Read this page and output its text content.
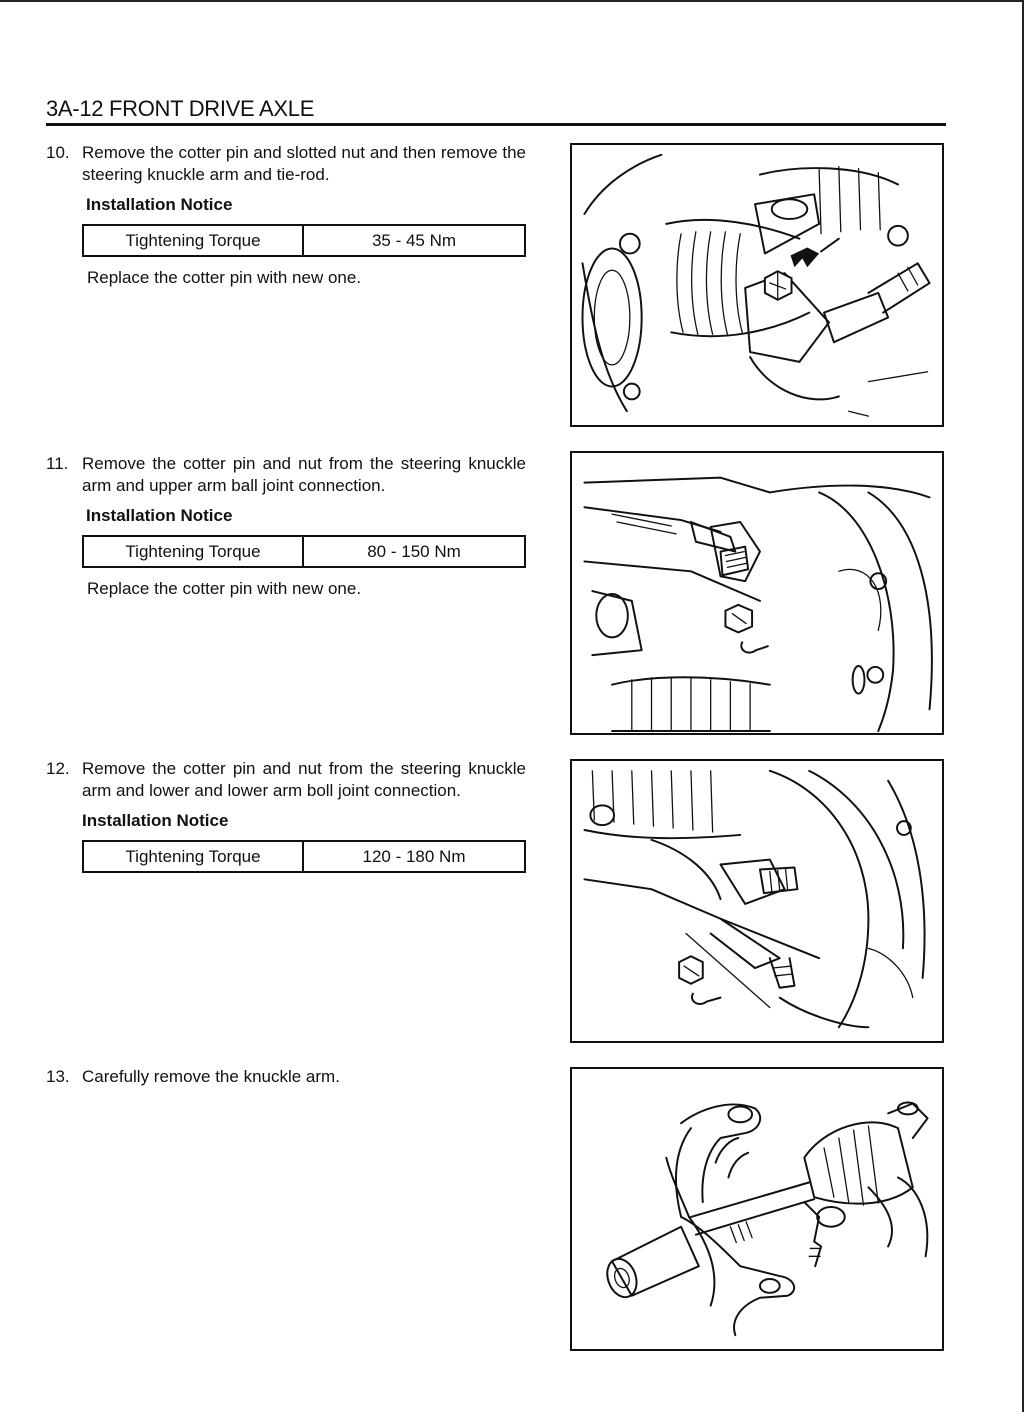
3A-12 FRONT DRIVE AXLE
10. Remove the cotter pin and slotted nut and then remove the steering knuckle arm and tie-rod.
Installation Notice
Tightening Torque	35 - 45 Nm
Replace the cotter pin with new one.
11. Remove the cotter pin and nut from the steering knuckle arm and upper arm ball joint connection.
Installation Notice
Tightening Torque	80 - 150 Nm
Replace the cotter pin with new one.
12. Remove the cotter pin and nut from the steering knuckle arm and lower and lower arm boll joint connection.
Installation Notice
Tightening Torque	120 - 180 Nm
13. Carefully remove the knuckle arm.
